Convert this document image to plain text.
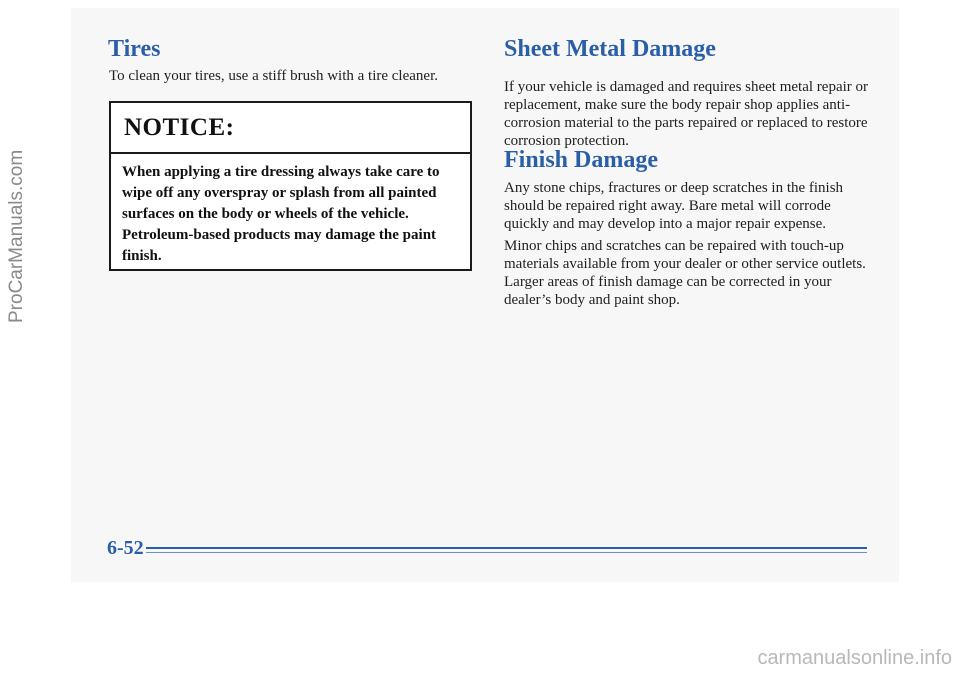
Tires

To clean your tires, use a stiff brush with a tire cleaner.

NOTICE:

When applying a tire dressing always take care to wipe off any overspray or splash from all painted surfaces on the body or wheels of the vehicle. Petroleum-based products may damage the paint finish.

Sheet Metal Damage

If your vehicle is damaged and requires sheet metal repair or replacement, make sure the body repair shop applies anti-corrosion material to the parts repaired or replaced to restore corrosion protection.

Finish Damage

Any stone chips, fractures or deep scratches in the finish should be repaired right away. Bare metal will corrode quickly and may develop into a major repair expense.

Minor chips and scratches can be repaired with touch-up materials available from your dealer or other service outlets. Larger areas of finish damage can be corrected in your dealer’s body and paint shop.

6-52

ProCarManuals.com
carmanualsonline.info
